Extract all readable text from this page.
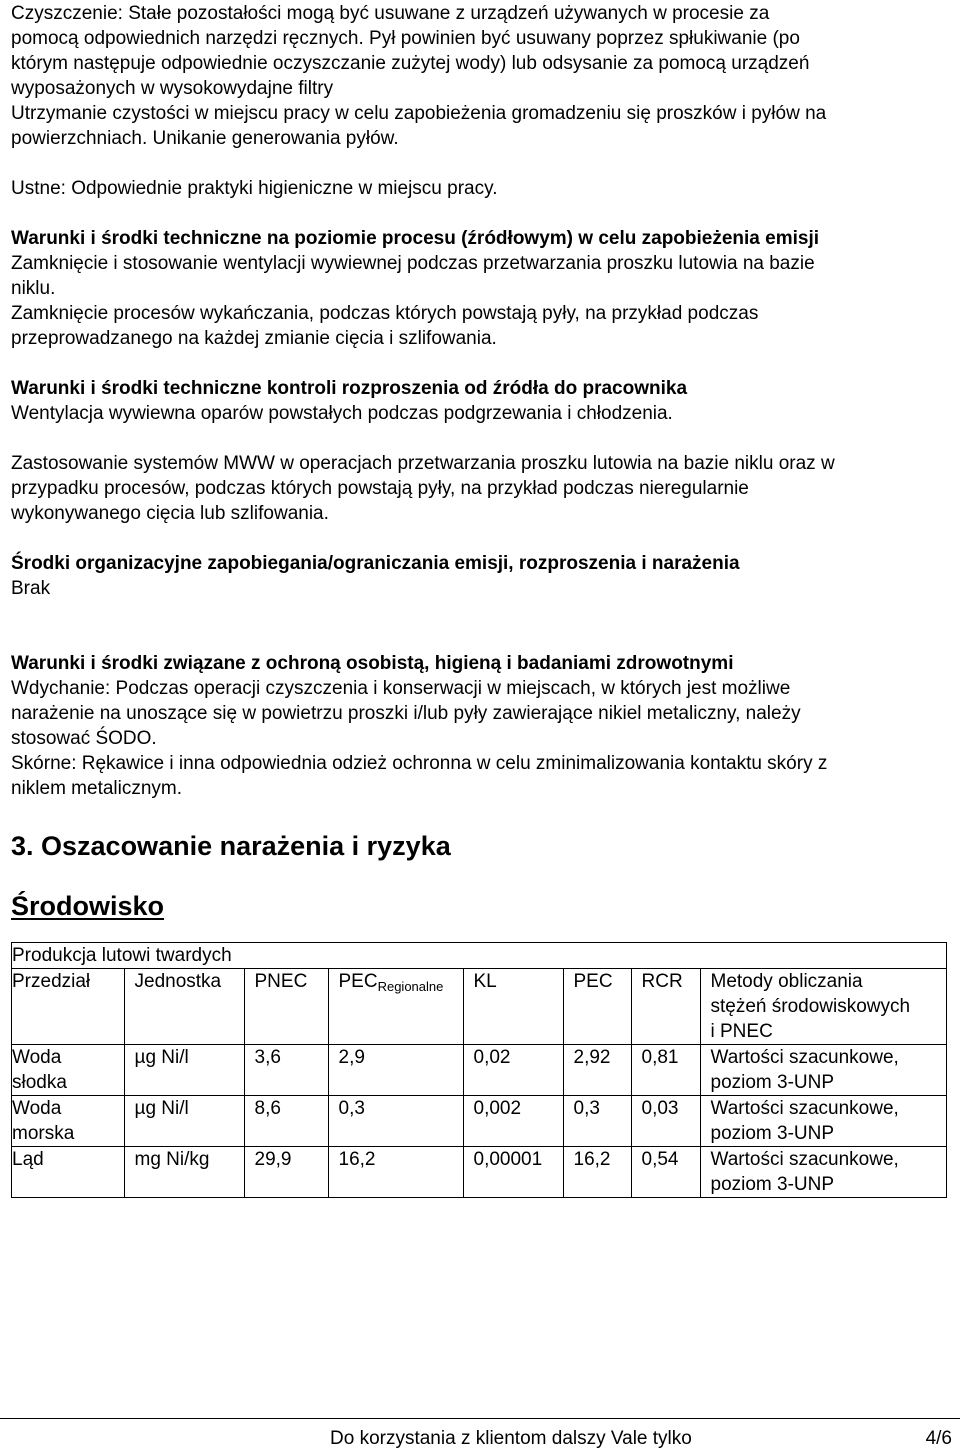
Czyszczenie: Stałe pozostałości mogą być usuwane z urządzeń używanych w procesie za

pomocą odpowiednich narzędzi ręcznych. Pył powinien być usuwany poprzez spłukiwanie (po

którym następuje odpowiednie oczyszczanie zużytej wody) lub odsysanie za pomocą urządzeń

wyposażonych w wysokowydajne filtry

Utrzymanie czystości w miejscu pracy w celu zapobieżenia gromadzeniu się proszków i pyłów na

powierzchniach. Unikanie generowania pyłów.

Ustne: Odpowiednie praktyki higieniczne w miejscu pracy.

Warunki i środki techniczne na poziomie procesu (źródłowym) w celu zapobieżenia emisji

Zamknięcie i stosowanie wentylacji wywiewnej podczas przetwarzania proszku lutowia na bazie

niklu.

Zamknięcie procesów wykańczania, podczas których powstają pyły, na przykład podczas

przeprowadzanego na każdej zmianie cięcia i szlifowania.

Warunki i środki techniczne kontroli rozproszenia od źródła do pracownika

Wentylacja wywiewna oparów powstałych podczas podgrzewania i chłodzenia.

Zastosowanie systemów MWW w operacjach przetwarzania proszku lutowia na bazie niklu oraz w

przypadku procesów, podczas których powstają pyły, na przykład podczas nieregularnie

wykonywanego cięcia lub szlifowania.

Środki organizacyjne zapobiegania/ograniczania emisji, rozproszenia i narażenia

Brak

Warunki i środki związane z ochroną osobistą, higieną i badaniami zdrowotnymi

Wdychanie: Podczas operacji czyszczenia i konserwacji w miejscach, w których jest możliwe

narażenie na unoszące się w powietrzu proszki i/lub pyły zawierające nikiel metaliczny, należy

stosować ŚODO.

Skórne: Rękawice i inna odpowiednia odzież ochronna w celu zminimalizowania kontaktu skóry z

niklem metalicznym.

3. Oszacowanie narażenia i ryzyka
Środowisko
Produkcja lutowi twardych
Przedział	Jednostka	PNEC	$PEC_{Regionalne}$	KL	PEC	RCR	Metody obliczania
stężeń środowiskowych
i PNEC

Woda
słodka
	µg Ni/l	3,6	2,9	0,02	2,92	0,81	Wartości szacunkowe,
poziom 3-UNP

Woda
morska
	µg Ni/l	8,6	0,3	0,002	0,3	0,03	Wartości szacunkowe,
poziom 3-UNP

Ląd	mg Ni/kg	29,9	16,2	0,00001	16,2	0,54	Wartości szacunkowe,
poziom 3-UNP
Do korzystania z klientom dalszy Vale tylko	4/6
